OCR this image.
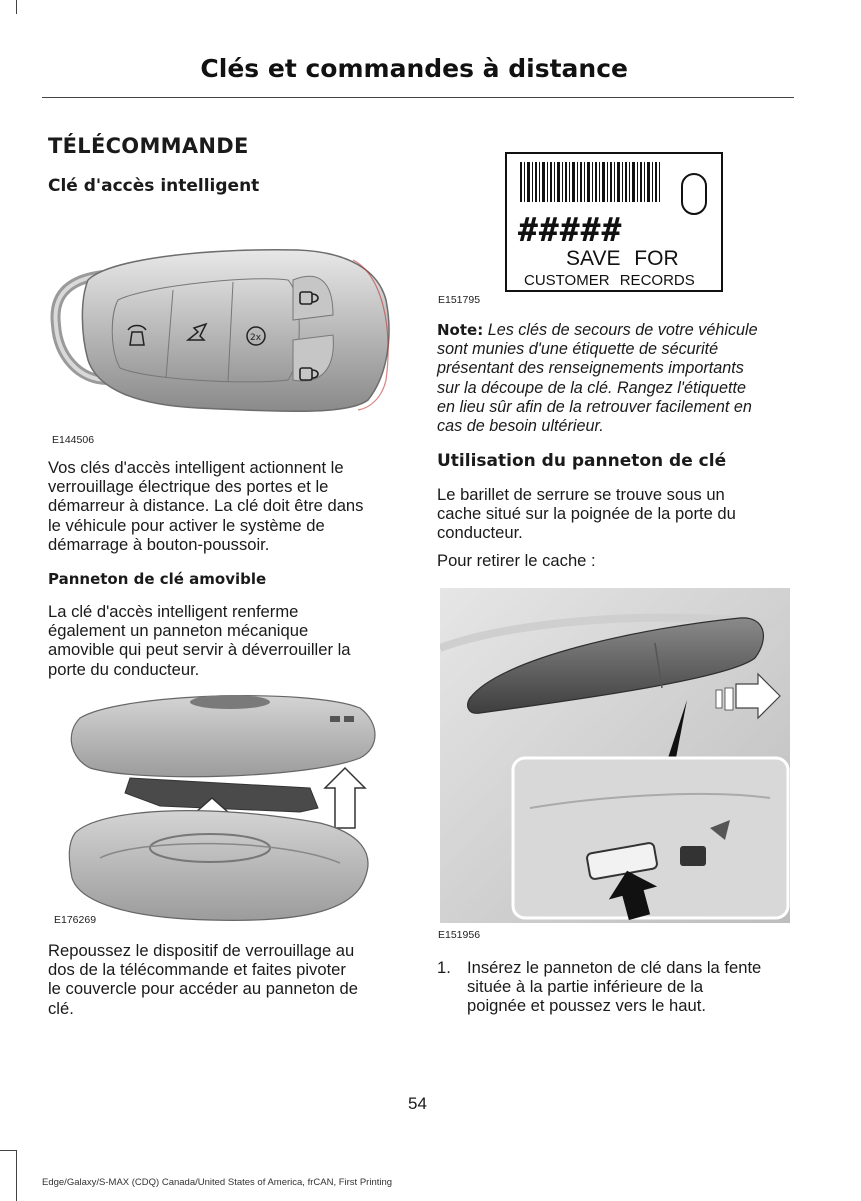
Clés et commandes à distance
TÉLÉCOMMANDE
Clé d'accès intelligent
2x
E144506
Vos clés d'accès intelligent actionnent le
verrouillage électrique des portes et le
démarreur à distance. La clé doit être dans
le véhicule pour activer le système de
démarrage à bouton-poussoir.
Panneton de clé amovible
La clé d'accès intelligent renferme
également un panneton mécanique
amovible qui peut servir à déverrouiller la
porte du conducteur.
E176269
Repoussez le dispositif de verrouillage au
dos de la télécommande et faites pivoter
le couvercle pour accéder au panneton de
clé.
#####
SAVE FOR
CUSTOMER RECORDS
E151795
Note: Les clés de secours de votre véhicule
sont munies d'une étiquette de sécurité
présentant des renseignements importants
sur la découpe de la clé. Rangez l'étiquette
en lieu sûr afin de la retrouver facilement en
cas de besoin ultérieur.
Utilisation du panneton de clé
Le barillet de serrure se trouve sous un
cache situé sur la poignée de la porte du
conducteur.
Pour retirer le cache :
E151956
1. Insérez le panneton de clé dans la fente
située à la partie inférieure de la
poignée et poussez vers le haut.
54
Edge/Galaxy/S-MAX (CDQ) Canada/United States of America, frCAN, First Printing
